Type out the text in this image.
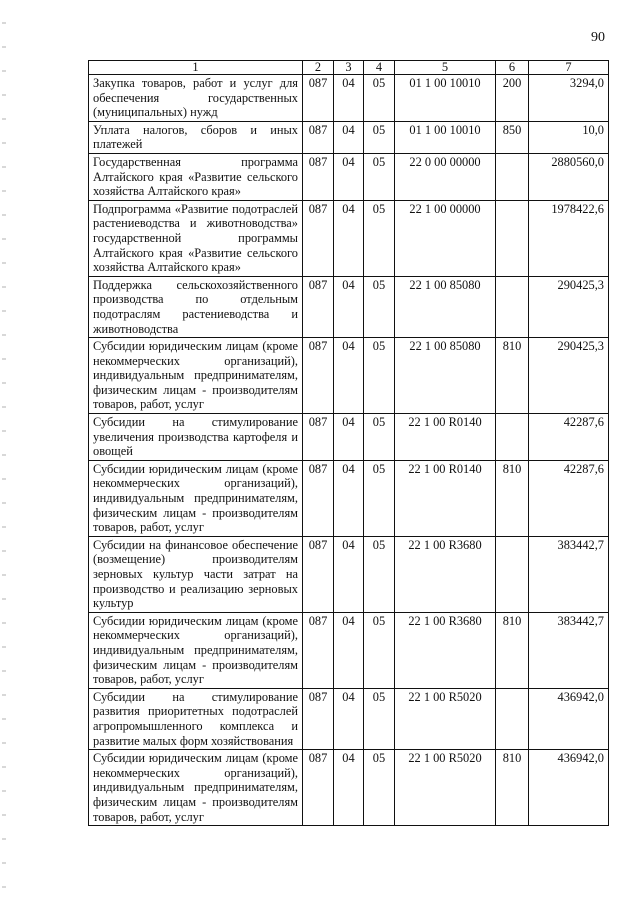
90
1	2	3	4	5	6	7
Закупка товаров, работ и услуг для обеспечения государственных (муниципальных) нужд	087	04	05	01 1 00 10010	200	3294,0
Уплата налогов, сборов и иных платежей	087	04	05	01 1 00 10010	850	10,0
Государственная программа Алтайского края «Развитие сельского хозяйства Алтайского края»	087	04	05	22 0 00 00000		2880560,0
Подпрограмма «Развитие подотраслей растениеводства и животноводства» государственной программы Алтайского края «Развитие сельского хозяйства Алтайского края»	087	04	05	22 1 00 00000		1978422,6
Поддержка сельскохозяйственного производства по отдельным подотраслям растениеводства и животноводства	087	04	05	22 1 00 85080		290425,3
Субсидии юридическим лицам (кроме некоммерческих организаций), индивидуальным предпринимателям, физическим лицам - производителям товаров, работ, услуг	087	04	05	22 1 00 85080	810	290425,3
Субсидии на стимулирование увеличения производства картофеля и овощей	087	04	05	22 1 00 R0140		42287,6
Субсидии юридическим лицам (кроме некоммерческих организаций), индивидуальным предпринимателям, физическим лицам - производителям товаров, работ, услуг	087	04	05	22 1 00 R0140	810	42287,6
Субсидии на финансовое обеспечение (возмещение) производителям зерновых культур части затрат на производство и реализацию зерновых культур	087	04	05	22 1 00 R3680		383442,7
Субсидии юридическим лицам (кроме некоммерческих организаций), индивидуальным предпринимателям, физическим лицам - производителям товаров, работ, услуг	087	04	05	22 1 00 R3680	810	383442,7
Субсидии на стимулирование развития приоритетных подотраслей агропромышленного комплекса и развитие малых форм хозяйствования	087	04	05	22 1 00 R5020		436942,0
Субсидии юридическим лицам (кроме некоммерческих организаций), индивидуальным предпринимателям, физическим лицам - производителям товаров, работ, услуг	087	04	05	22 1 00 R5020	810	436942,0
